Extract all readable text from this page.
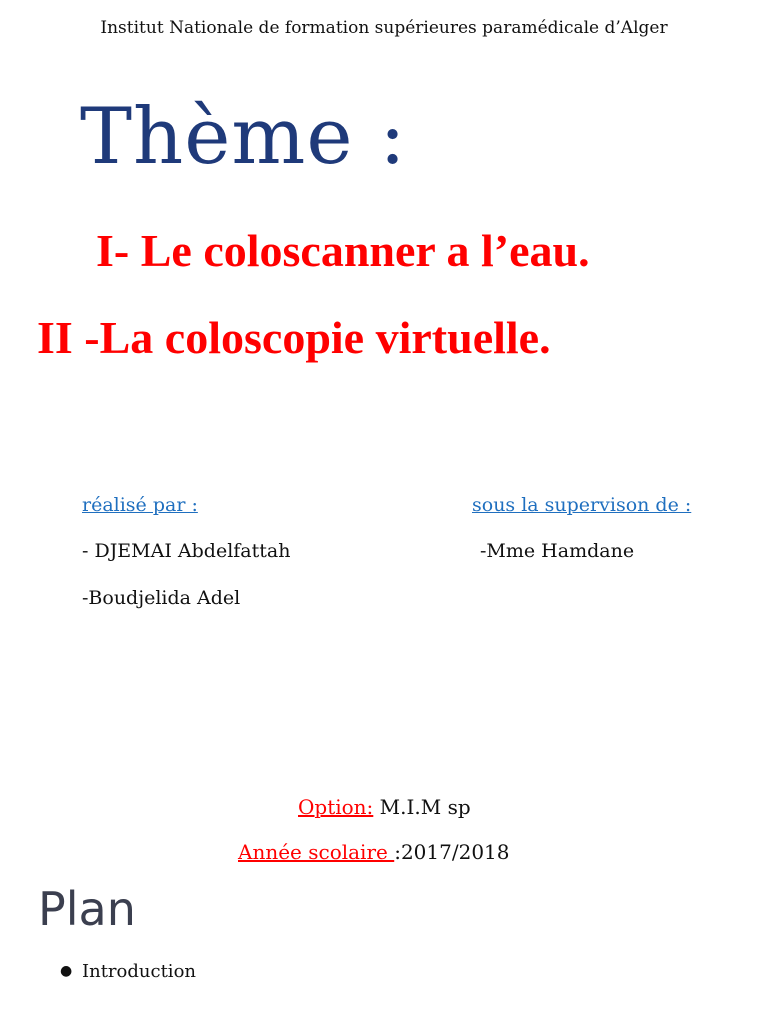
Institut Nationale de formation supérieures paramédicale d’Alger
Thème :
I- Le coloscanner a l’eau.
II -La coloscopie virtuelle.
réalisé par :	sous la supervison de :
- DJEMAI Abdelfattah
-Boudjelida Adel
-Mme Hamdane
Option: M.I.M sp
Année scolaire :2017/2018
Plan
● Introduction
